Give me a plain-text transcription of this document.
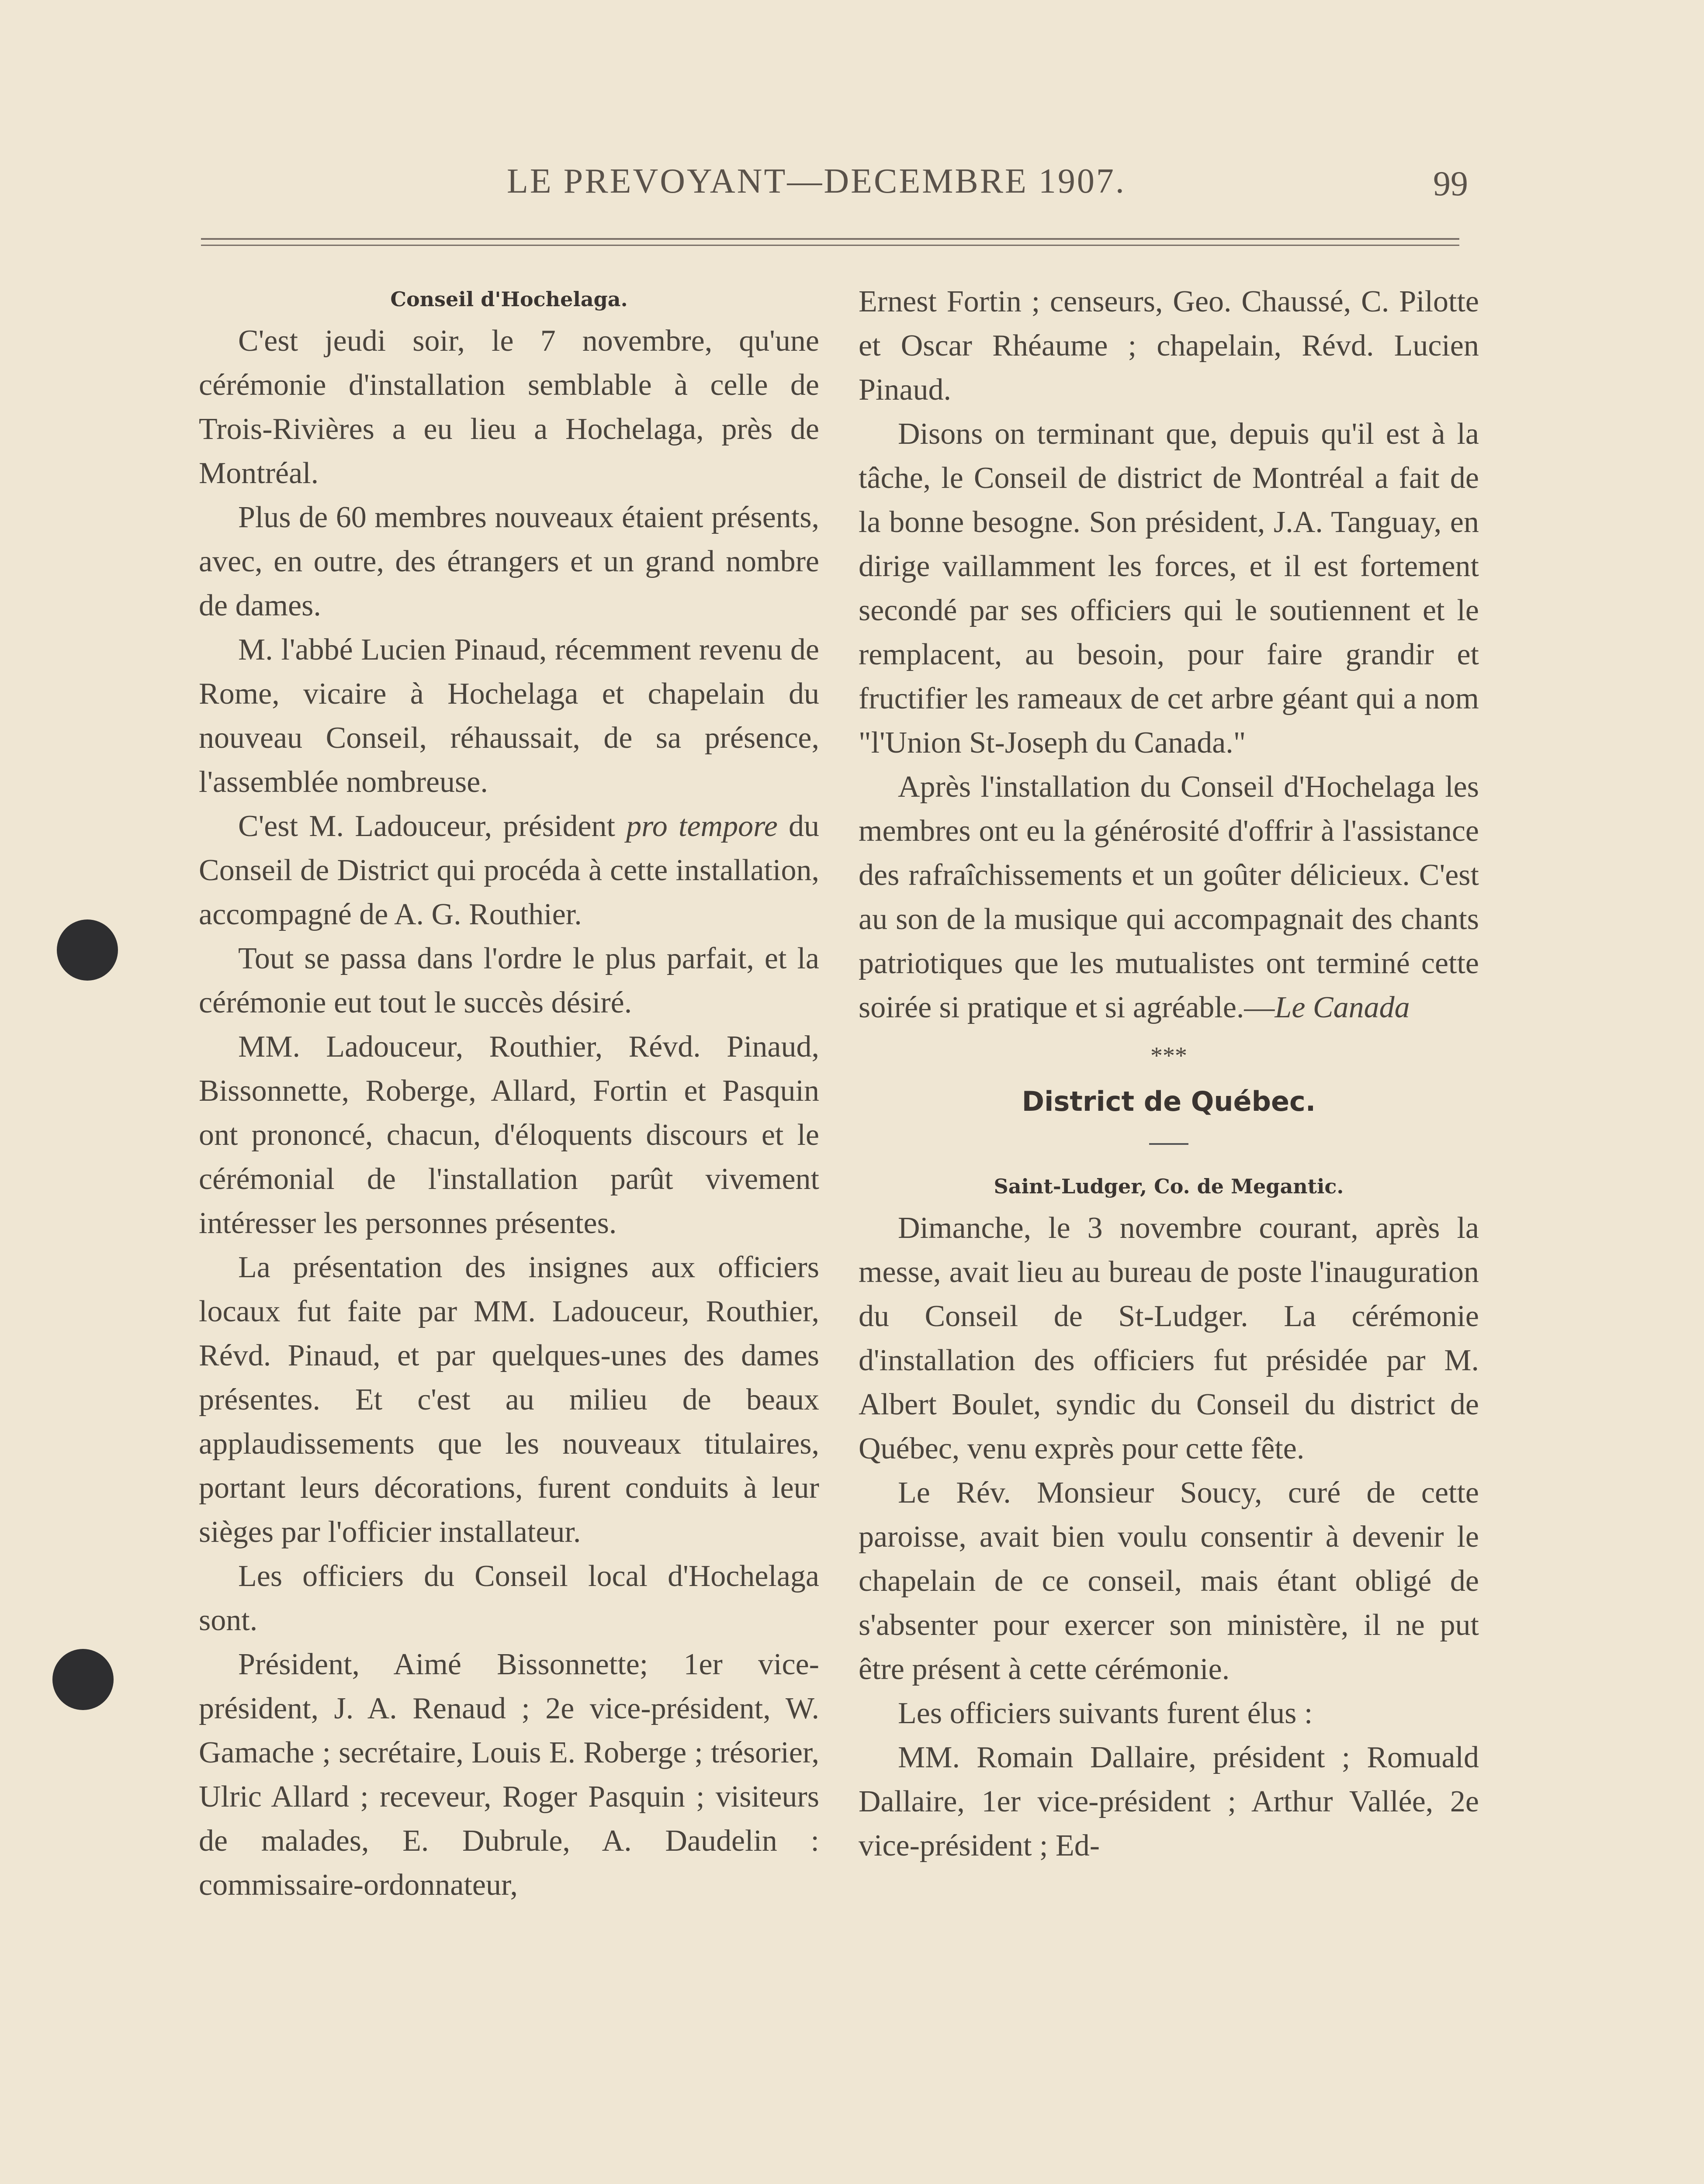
LE PREVOYANT—DECEMBRE 1907.	99
Conseil d'Hochelaga.

C'est jeudi soir, le 7 novembre, qu'une cérémonie d'installation semblable à celle de Trois-Rivières a eu lieu a Hochelaga, près de Montréal.

Plus de 60 membres nouveaux étaient présents, avec, en outre, des étrangers et un grand nombre de dames.

M. l'abbé Lucien Pinaud, récemment revenu de Rome, vicaire à Hochelaga et chapelain du nouveau Conseil, réhaussait, de sa présence, l'assemblée nombreuse.

C'est M. Ladouceur, président pro tempore du Conseil de District qui procéda à cette installation, accompagné de A. G. Routhier.

Tout se passa dans l'ordre le plus parfait, et la cérémonie eut tout le succès désiré.

MM. Ladouceur, Routhier, Révd. Pinaud, Bissonnette, Roberge, Allard, Fortin et Pasquin ont prononcé, chacun, d'éloquents discours et le cérémonial de l'installation parût vivement intéresser les personnes présentes.

La présentation des insignes aux officiers locaux fut faite par MM. Ladouceur, Routhier, Révd. Pinaud, et par quelques-unes des dames présentes. Et c'est au milieu de beaux applaudissements que les nouveaux titulaires, portant leurs décorations, furent conduits à leur sièges par l'officier installateur.

Les officiers du Conseil local d'Hochelaga sont.

Président, Aimé Bissonnette; 1er vice-président, J. A. Renaud ; 2e vice-président, W. Gamache ; secrétaire, Louis E. Roberge ; trésorier, Ulric Allard ; receveur, Roger Pasquin ; visiteurs de malades, E. Dubrule, A. Daudelin : commissaire-ordonnateur,

Ernest Fortin ; censeurs, Geo. Chaussé, C. Pilotte et Oscar Rhéaume ; chapelain, Révd. Lucien Pinaud.

Disons on terminant que, depuis qu'il est à la tâche, le Conseil de district de Montréal a fait de la bonne besogne. Son président, J.A. Tanguay, en dirige vaillamment les forces, et il est fortement secondé par ses officiers qui le soutiennent et le remplacent, au besoin, pour faire grandir et fructifier les rameaux de cet arbre géant qui a nom "l'Union St-Joseph du Canada."

Après l'installation du Conseil d'Hochelaga les membres ont eu la générosité d'offrir à l'assistance des rafraîchissements et un goûter délicieux. C'est au son de la musique qui accompagnait des chants patriotiques que les mutualistes ont terminé cette soirée si pratique et si agréable.—Le Canada

***
District de Québec.
Saint-Ludger, Co. de Megantic.

Dimanche, le 3 novembre courant, après la messe, avait lieu au bureau de poste l'inauguration du Conseil de St-Ludger. La cérémonie d'installation des officiers fut présidée par M. Albert Boulet, syndic du Conseil du district de Québec, venu exprès pour cette fête.

Le Rév. Monsieur Soucy, curé de cette paroisse, avait bien voulu consentir à devenir le chapelain de ce conseil, mais étant obligé de s'absenter pour exercer son ministère, il ne put être présent à cette cérémonie.

Les officiers suivants furent élus :

MM. Romain Dallaire, président ; Romuald Dallaire, 1er vice-président ; Arthur Vallée, 2e vice-président ; Ed-
